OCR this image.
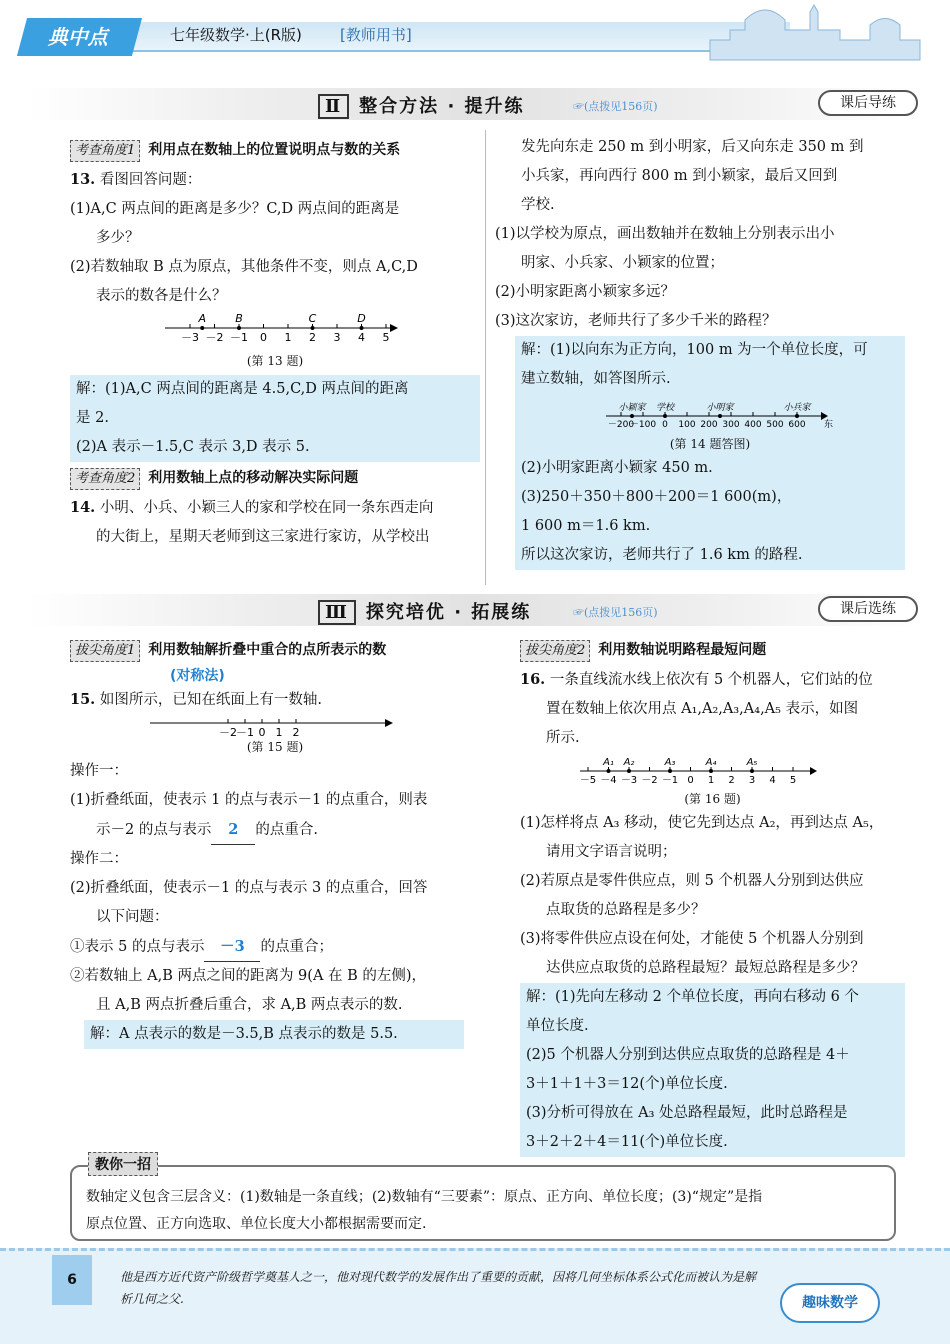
典中点	七年级数学·上(R版)	[教师用书]
Ⅱ 整合方法 · 提升练	☞(点拨见156页)	课后导练
考查角度1 利用点在数轴上的位置说明点与数的关系
13. 看图回答问题：
(1)A,C 两点间的距离是多少？C,D 两点间的距离是
多少？
(2)若数轴取 B 点为原点，其他条件不变，则点 A,C,D
表示的数各是什么？
－3 －2 －1 0 1 2 3 4 5
A	B	C	D
(第 13 题)
解：(1)A,C 两点间的距离是 4.5,C,D 两点间的距离
是 2.
(2)A 表示－1.5,C 表示 3,D 表示 5.
考查角度2 利用数轴上点的移动解决实际问题
14. 小明、小兵、小颖三人的家和学校在同一条东西走向
的大街上，星期天老师到这三家进行家访，从学校出
发先向东走 250 m 到小明家，后又向东走 350 m 到
小兵家，再向西行 800 m 到小颖家，最后又回到
学校.
(1)以学校为原点，画出数轴并在数轴上分别表示出小
明家、小兵家、小颖家的位置；
(2)小明家距离小颖家多远？
(3)这次家访，老师共行了多少千米的路程？
解：(1)以向东为正方向，100 m 为一个单位长度，可
建立数轴，如答图所示.
－200
－100 0 100 200 300 400 500 600
小颖家 学校	小明家	小兵家
东
(第 14 题答图)
(2)小明家距离小颖家 450 m.
(3)250＋350＋800＋200＝1 600(m)，
1 600 m＝1.6 km.
所以这次家访，老师共行了 1.6 km 的路程.
Ⅲ 探究培优 · 拓展练	☞(点拨见156页)	课后选练
拔尖角度1 利用数轴解折叠中重合的点所表示的数
(对称法)
15. 如图所示，已知在纸面上有一数轴.
－2 －1 0 1 2
(第 15 题)
操作一：
(1)折叠纸面，使表示 1 的点与表示－1 的点重合，则表
示－2 的点与表示 2 的点重合.
操作二：
(2)折叠纸面，使表示－1 的点与表示 3 的点重合，回答
以下问题：
①表示 5 的点与表示 －3 的点重合；
②若数轴上 A,B 两点之间的距离为 9(A 在 B 的左侧)，
且 A,B 两点折叠后重合，求 A,B 两点表示的数.
解：A 点表示的数是－3.5,B 点表示的数是 5.5.
拔尖角度2 利用数轴说明路程最短问题
16. 一条直线流水线上依次有 5 个机器人，它们站的位
置在数轴上依次用点 A₁,A₂,A₃,A₄,A₅ 表示，如图
所示.
－5 －4 －3 －2 －1 0 1 2 3 4 5
A₁ A₂	A₃	A₄	A₅
(第 16 题)
(1)怎样将点 A₃ 移动，使它先到达点 A₂，再到达点 A₅，
请用文字语言说明；
(2)若原点是零件供应点，则 5 个机器人分别到达供应
点取货的总路程是多少？
(3)将零件供应点设在何处，才能使 5 个机器人分别到
达供应点取货的总路程最短？最短总路程是多少？
解：(1)先向左移动 2 个单位长度，再向右移动 6 个
单位长度.
(2)5 个机器人分别到达供应点取货的总路程是 4＋
3＋1＋1＋3＝12(个)单位长度.
(3)分析可得放在 A₃ 处总路程最短，此时总路程是
3＋2＋2＋4＝11(个)单位长度.
教你一招
数轴定义包含三层含义：(1)数轴是一条直线；(2)数轴有“三要素”：原点、正方向、单位长度；(3)“规定”是指
原点位置、正方向选取、单位长度大小都根据需要而定.
6	他是西方近代资产阶级哲学奠基人之一，他对现代数学的发展作出了重要的贡献，因将几何坐标体系公式化而被认为是解析几何之父.	趣味数学
